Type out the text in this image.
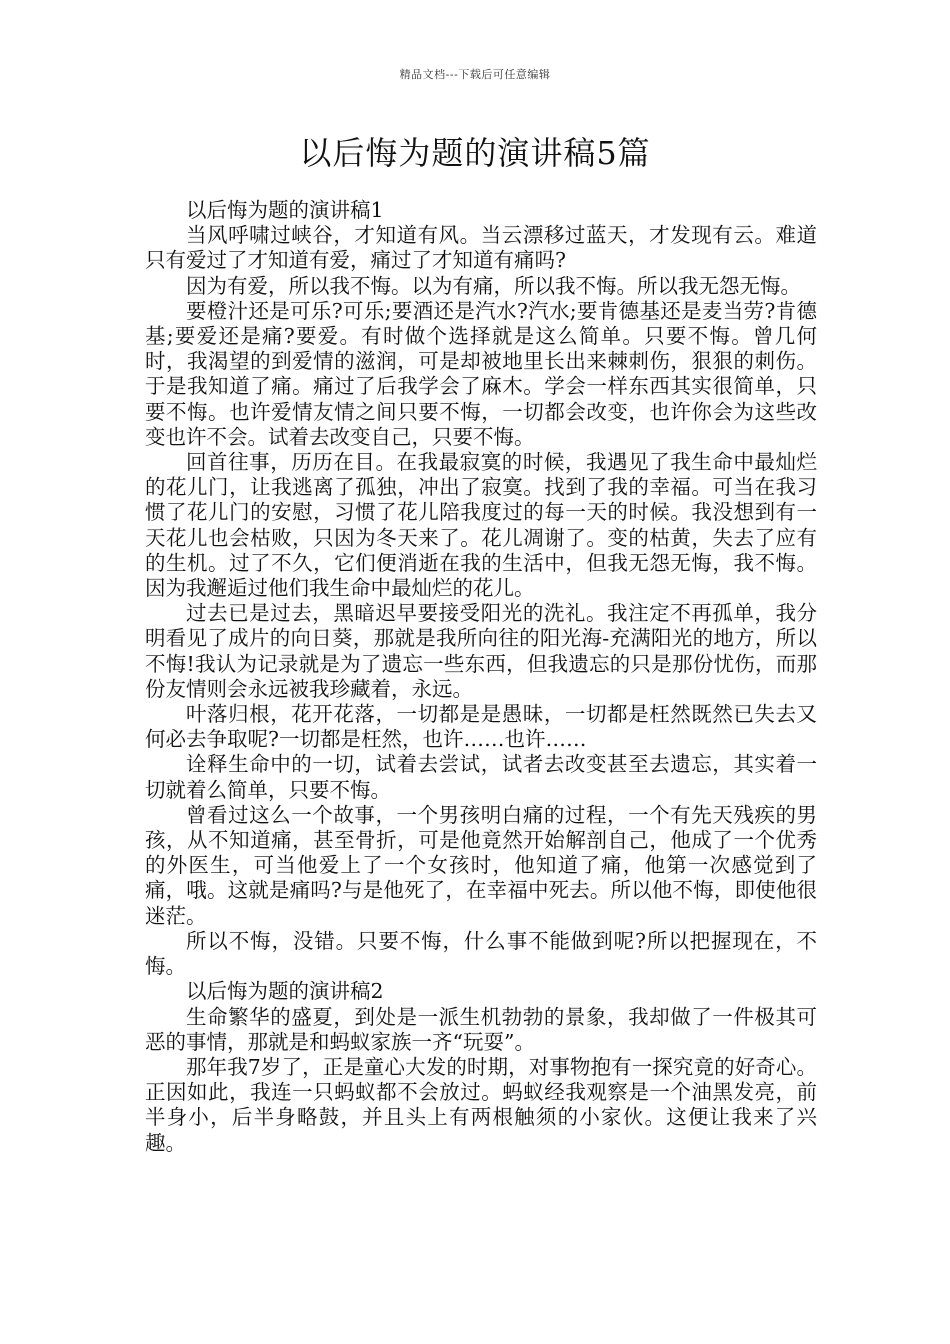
精品文档---下载后可任意编辑
以后悔为题的演讲稿5篇

以后悔为题的演讲稿1

当风呼啸过峡谷，才知道有风。当云漂移过蓝天，才发现有云。难道只有爱过了才知道有爱，痛过了才知道有痛吗?

因为有爱，所以我不悔。以为有痛，所以我不悔。所以我无怨无悔。

要橙汁还是可乐?可乐;要酒还是汽水?汽水;要肯德基还是麦当劳?肯德基;要爱还是痛?要爱。有时做个选择就是这么简单。只要不悔。曾几何时，我渴望的到爱情的滋润，可是却被地里长出来棘刺伤，狠狠的刺伤。于是我知道了痛。痛过了后我学会了麻木。学会一样东西其实很简单，只要不悔。也许爱情友情之间只要不悔，一切都会改变，也许你会为这些改变也许不会。试着去改变自己，只要不悔。

回首往事，历历在目。在我最寂寞的时候，我遇见了我生命中最灿烂的花儿门，让我逃离了孤独，冲出了寂寞。找到了我的幸福。可当在我习惯了花儿门的安慰，习惯了花儿陪我度过的每一天的时候。我没想到有一天花儿也会枯败，只因为冬天来了。花儿凋谢了。变的枯黄，失去了应有的生机。过了不久，它们便消逝在我的生活中，但我无怨无悔，我不悔。因为我邂逅过他们我生命中最灿烂的花儿。

过去已是过去，黑暗迟早要接受阳光的洗礼。我注定不再孤单，我分明看见了成片的向日葵，那就是我所向往的阳光海-充满阳光的地方，所以不悔!我认为记录就是为了遗忘一些东西，但我遗忘的只是那份忧伤，而那份友情则会永远被我珍藏着，永远。

叶落归根，花开花落，一切都是是愚昧，一切都是枉然既然已失去又何必去争取呢?一切都是枉然，也许……也许……

诠释生命中的一切，试着去尝试，试者去改变甚至去遗忘，其实着一切就着么简单，只要不悔。

曾看过这么一个故事，一个男孩明白痛的过程，一个有先天残疾的男孩，从不知道痛，甚至骨折，可是他竟然开始解剖自己，他成了一个优秀的外医生，可当他爱上了一个女孩时，他知道了痛，他第一次感觉到了痛，哦。这就是痛吗?与是他死了，在幸福中死去。所以他不悔，即使他很迷茫。

所以不悔，没错。只要不悔，什么事不能做到呢?所以把握现在，不悔。

以后悔为题的演讲稿2

生命繁华的盛夏，到处是一派生机勃勃的景象，我却做了一件极其可恶的事情，那就是和蚂蚁家族一齐“玩耍”。

那年我7岁了，正是童心大发的时期，对事物抱有一探究竟的好奇心。正因如此，我连一只蚂蚁都不会放过。蚂蚁经我观察是一个油黑发亮，前半身小，后半身略鼓，并且头上有两根触须的小家伙。这便让我来了兴趣。
